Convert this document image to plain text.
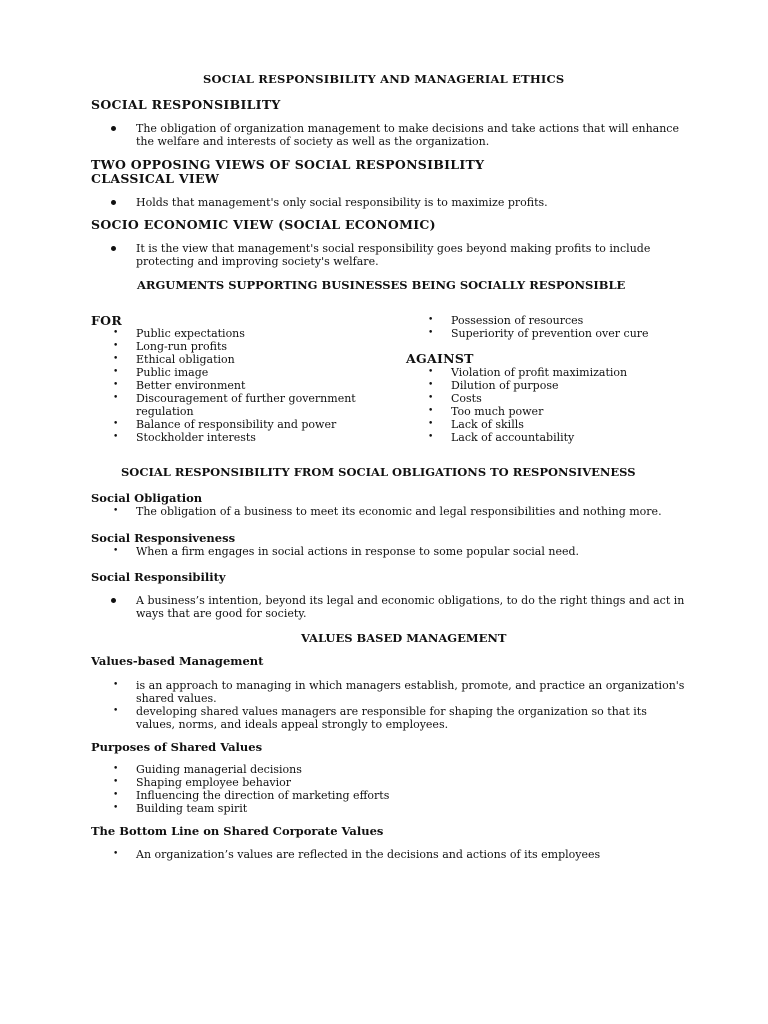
SOCIAL RESPONSIBILITY AND MANAGERIAL ETHICS
SOCIAL RESPONSIBILITY
The obligation of organization management to make decisions and take actions that will enhance
the welfare and interests of society as well as the organization.
TWO OPPOSING VIEWS OF SOCIAL RESPONSIBILITY
CLASSICAL VIEW
Holds that management's only social responsibility is to maximize profits.
SOCIO ECONOMIC VIEW (SOCIAL ECONOMIC)
It is the view that management's social responsibility goes beyond making profits to include
protecting and improving society's welfare.
ARGUMENTS SUPPORTING BUSINESSES BEING SOCIALLY RESPONSIBLE
FOR
• Public expectations
• Long-run profits
• Ethical obligation
• Public image
• Better environment
• Discouragement of further government
regulation
• Balance of responsibility and power
• Stockholder interests
• Possession of resources
• Superiority of prevention over cure
AGAINST
• Violation of profit maximization
• Dilution of purpose
• Costs
• Too much power
• Lack of skills
• Lack of accountability
SOCIAL RESPONSIBILITY FROM SOCIAL OBLIGATIONS TO RESPONSIVENESS
Social Obligation
• The obligation of a business to meet its economic and legal responsibilities and nothing more.
Social Responsiveness
• When a firm engages in social actions in response to some popular social need.
Social Responsibility
A business’s intention, beyond its legal and economic obligations, to do the right things and act in
ways that are good for society.
VALUES BASED MANAGEMENT
Values-based Management
• is an approach to managing in which managers establish, promote, and practice an organization's
shared values.
• developing shared values managers are responsible for shaping the organization so that its
values, norms, and ideals appeal strongly to employees.
Purposes of Shared Values
• Guiding managerial decisions
• Shaping employee behavior
• Influencing the direction of marketing efforts
• Building team spirit
The Bottom Line on Shared Corporate Values
• An organization’s values are reflected in the decisions and actions of its employees
